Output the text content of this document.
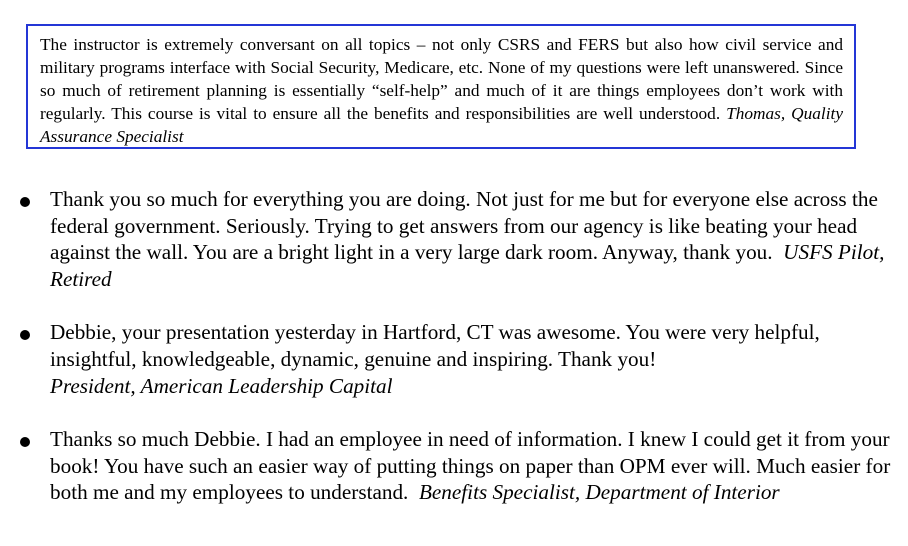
The instructor is extremely conversant on all topics – not only CSRS and FERS but also how civil service and military programs interface with Social Security, Medicare, etc. None of my questions were left unanswered. Since so much of retirement planning is essentially “self-help” and much of it are things employees don’t work with regularly. This course is vital to ensure all the benefits and responsibilities are well understood. Thomas, Quality Assurance Specialist
Thank you so much for everything you are doing. Not just for me but for everyone else across the federal government. Seriously. Trying to get answers from our agency is like beating your head against the wall. You are a bright light in a very large dark room. Anyway, thank you. USFS Pilot, Retired
Debbie, your presentation yesterday in Hartford, CT was awesome. You were very helpful, insightful, knowledgeable, dynamic, genuine and inspiring. Thank you!
President, American Leadership Capital
Thanks so much Debbie. I had an employee in need of information. I knew I could get it from your book! You have such an easier way of putting things on paper than OPM ever will. Much easier for both me and my employees to understand. Benefits Specialist, Department of Interior
